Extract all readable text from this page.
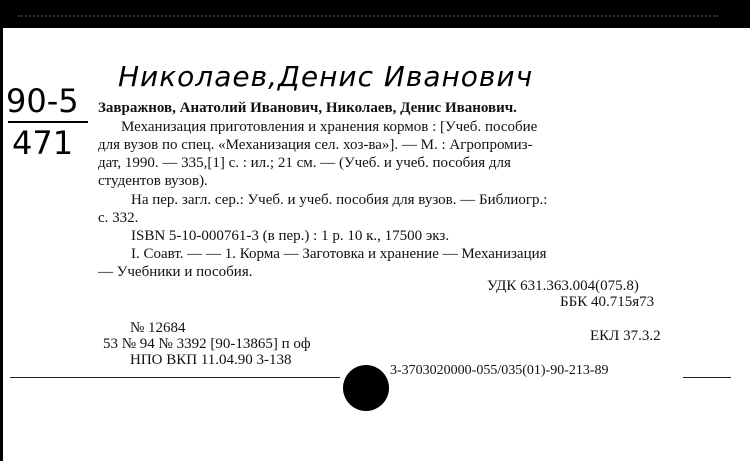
Николаев,Денис Иванович
90-5
471
Завражнов, Анатолий Иванович, Николаев, Денис Иванович.
Механизация приготовления и хранения кормов : [Учеб. пособие
для вузов по спец. «Механизация сел. хоз-ва»]. — М. : Агропромиз-
дат, 1990. — 335,[1] с. : ил.; 21 см. — (Учеб. и учеб. пособия для
студентов вузов).
На пер. загл. сер.: Учеб. и учеб. пособия для вузов. — Библиогр.:
с. 332.
ISBN 5-10-000761-3 (в пер.) : 1 р. 10 к., 17500 экз.
I. Соавт. — — 1. Корма — Заготовка и хранение — Механизация
— Учебники и пособия.
УДК 631.363.004(075.8)
ББК 40.715я73
№ 12684
53 № 94 № 3392 [90-13865] п оф
НПО ВКП 11.04.90 3-138
ЕКЛ 37.3.2
3-3703020000-055/035(01)-90-213-89
